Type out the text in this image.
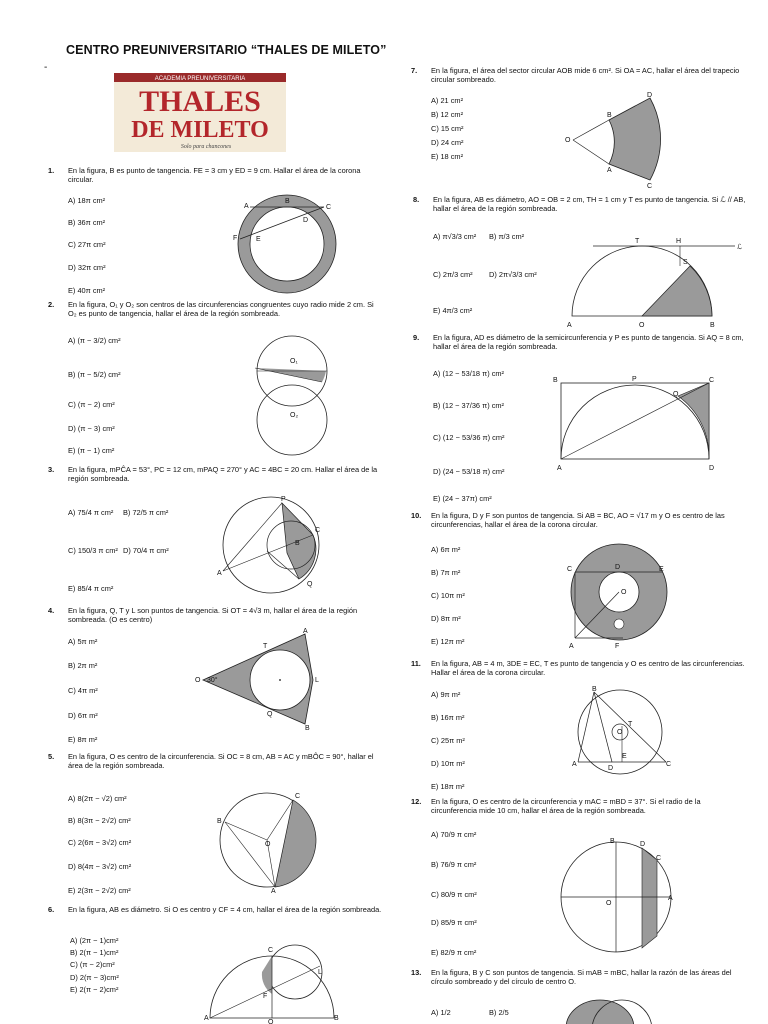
CENTRO PREUNIVERSITARIO “THALES DE MILETO”
-
ACADEMIA PREUNIVERSITARIA
THALES
DE MILETO
Solo para chancones
1. En la figura, B es punto de tangencia. FE = 3 cm y ED = 9 cm. Hallar el área de la corona circular.
A) 18π cm²
B) 36π cm²
C) 27π cm²
D) 32π cm²
E) 40π cm²
2. En la figura, O₁ y O₂ son centros de las circunferencias congruentes cuyo radio mide 2 cm. Si O₂ es punto de tangencia, hallar el área de la región sombreada.
A) (π − 3/2) cm²
B) (π − 5/2) cm²
C) (π − 2) cm²
D) (π − 3) cm²
E) (π − 1) cm²
3. En la figura, mPĈA = 53°, PC = 12 cm, mPAQ = 270° y AC = 4BC = 20 cm. Hallar el área de la región sombreada.
A) 75/4 π cm² B) 72/5 π cm²
C) 150/3 π cm² D) 70/4 π cm²
E) 85/4 π cm²
4. En la figura, Q, T y L son puntos de tangencia. Si OT = 4√3 m, hallar el área de la región sombreada. (O es centro)
A) 5π m²
B) 2π m²
C) 4π m²
D) 6π m²
E) 8π m²
5. En la figura, O es centro de la circunferencia. Si OC = 8 cm, AB = AC y mBÔC = 90°, hallar el área de la región sombreada.
A) 8(2π − √2) cm²
B) 8(3π − 2√2) cm²
C) 2(6π − 3√2) cm²
D) 8(4π − 3√2) cm²
E) 2(3π − 2√2) cm²
6. En la figura, AB es diámetro. Si O es centro y CF = 4 cm, hallar el área de la región sombreada.
A) (2π − 1)cm²
B) 2(π − 1)cm²
C) (π − 2)cm²
D) 2(π − 3)cm²
E) 2(π − 2)cm²
7. En la figura, el área del sector circular AOB mide 6 cm². Si OA = AC, hallar el área del trapecio circular sombreado.
A) 21 cm²
B) 12 cm²
C) 15 cm²
D) 24 cm²
E) 18 cm²
8. En la figura, AB es diámetro, AO = OB = 2 cm, TH = 1 cm y T es punto de tangencia. Si ℒ // AB, hallar el área de la región sombreada.
A) π√3/3 cm² B) π/3 cm²
C) 2π/3 cm² D) 2π√3/3 cm²
E) 4π/3 cm²
9. En la figura, AD es diámetro de la semicircunferencia y P es punto de tangencia. Si AQ = 8 cm, hallar el área de la región sombreada.
A) (12 − 53/18 π) cm²
B) (12 − 37/36 π) cm²
C) (12 − 53/36 π) cm²
D) (24 − 53/18 π) cm²
E) (24 − 37π) cm²
10. En la figura, D y F son puntos de tangencia. Si AB = BC, AO = √17 m y O es centro de las circunferencias, hallar el área de la corona circular.
A) 6π m²
B) 7π m²
C) 10π m²
D) 8π m²
E) 12π m²
11. En la figura, AB = 4 m, 3DE = EC, T es punto de tangencia y O es centro de las circunferencias. Hallar el área de la corona circular.
A) 9π m²
B) 16π m²
C) 25π m²
D) 10π m²
E) 18π m²
12. En la figura, O es centro de la circunferencia y mAC = mBD = 37°. Si el radio de la circunferencia mide 10 cm, hallar el área de la región sombreada.
A) 70/9 π cm²
B) 76/9 π cm²
C) 80/9 π cm²
D) 85/9 π cm²
E) 82/9 π cm²
13. En la figura, B y C son puntos de tangencia. Si mAB = mBC, hallar la razón de las áreas del círculo sombreado y del círculo de centro O.
A) 1/2	B) 2/5
A
B
C
D
E
F
O₁
O₂
P
C
B
A
Q
O 30°
T
A
L
Q
B
C
B
O
A
C
L
F
A
O
B
D
B
O
A
C
T	H
ℒ
S
A	O	B
B	P	C
Q
A	D
C	D	E
O
A	F
B
T
O
A
D
E
C
B	D
C
O
A
